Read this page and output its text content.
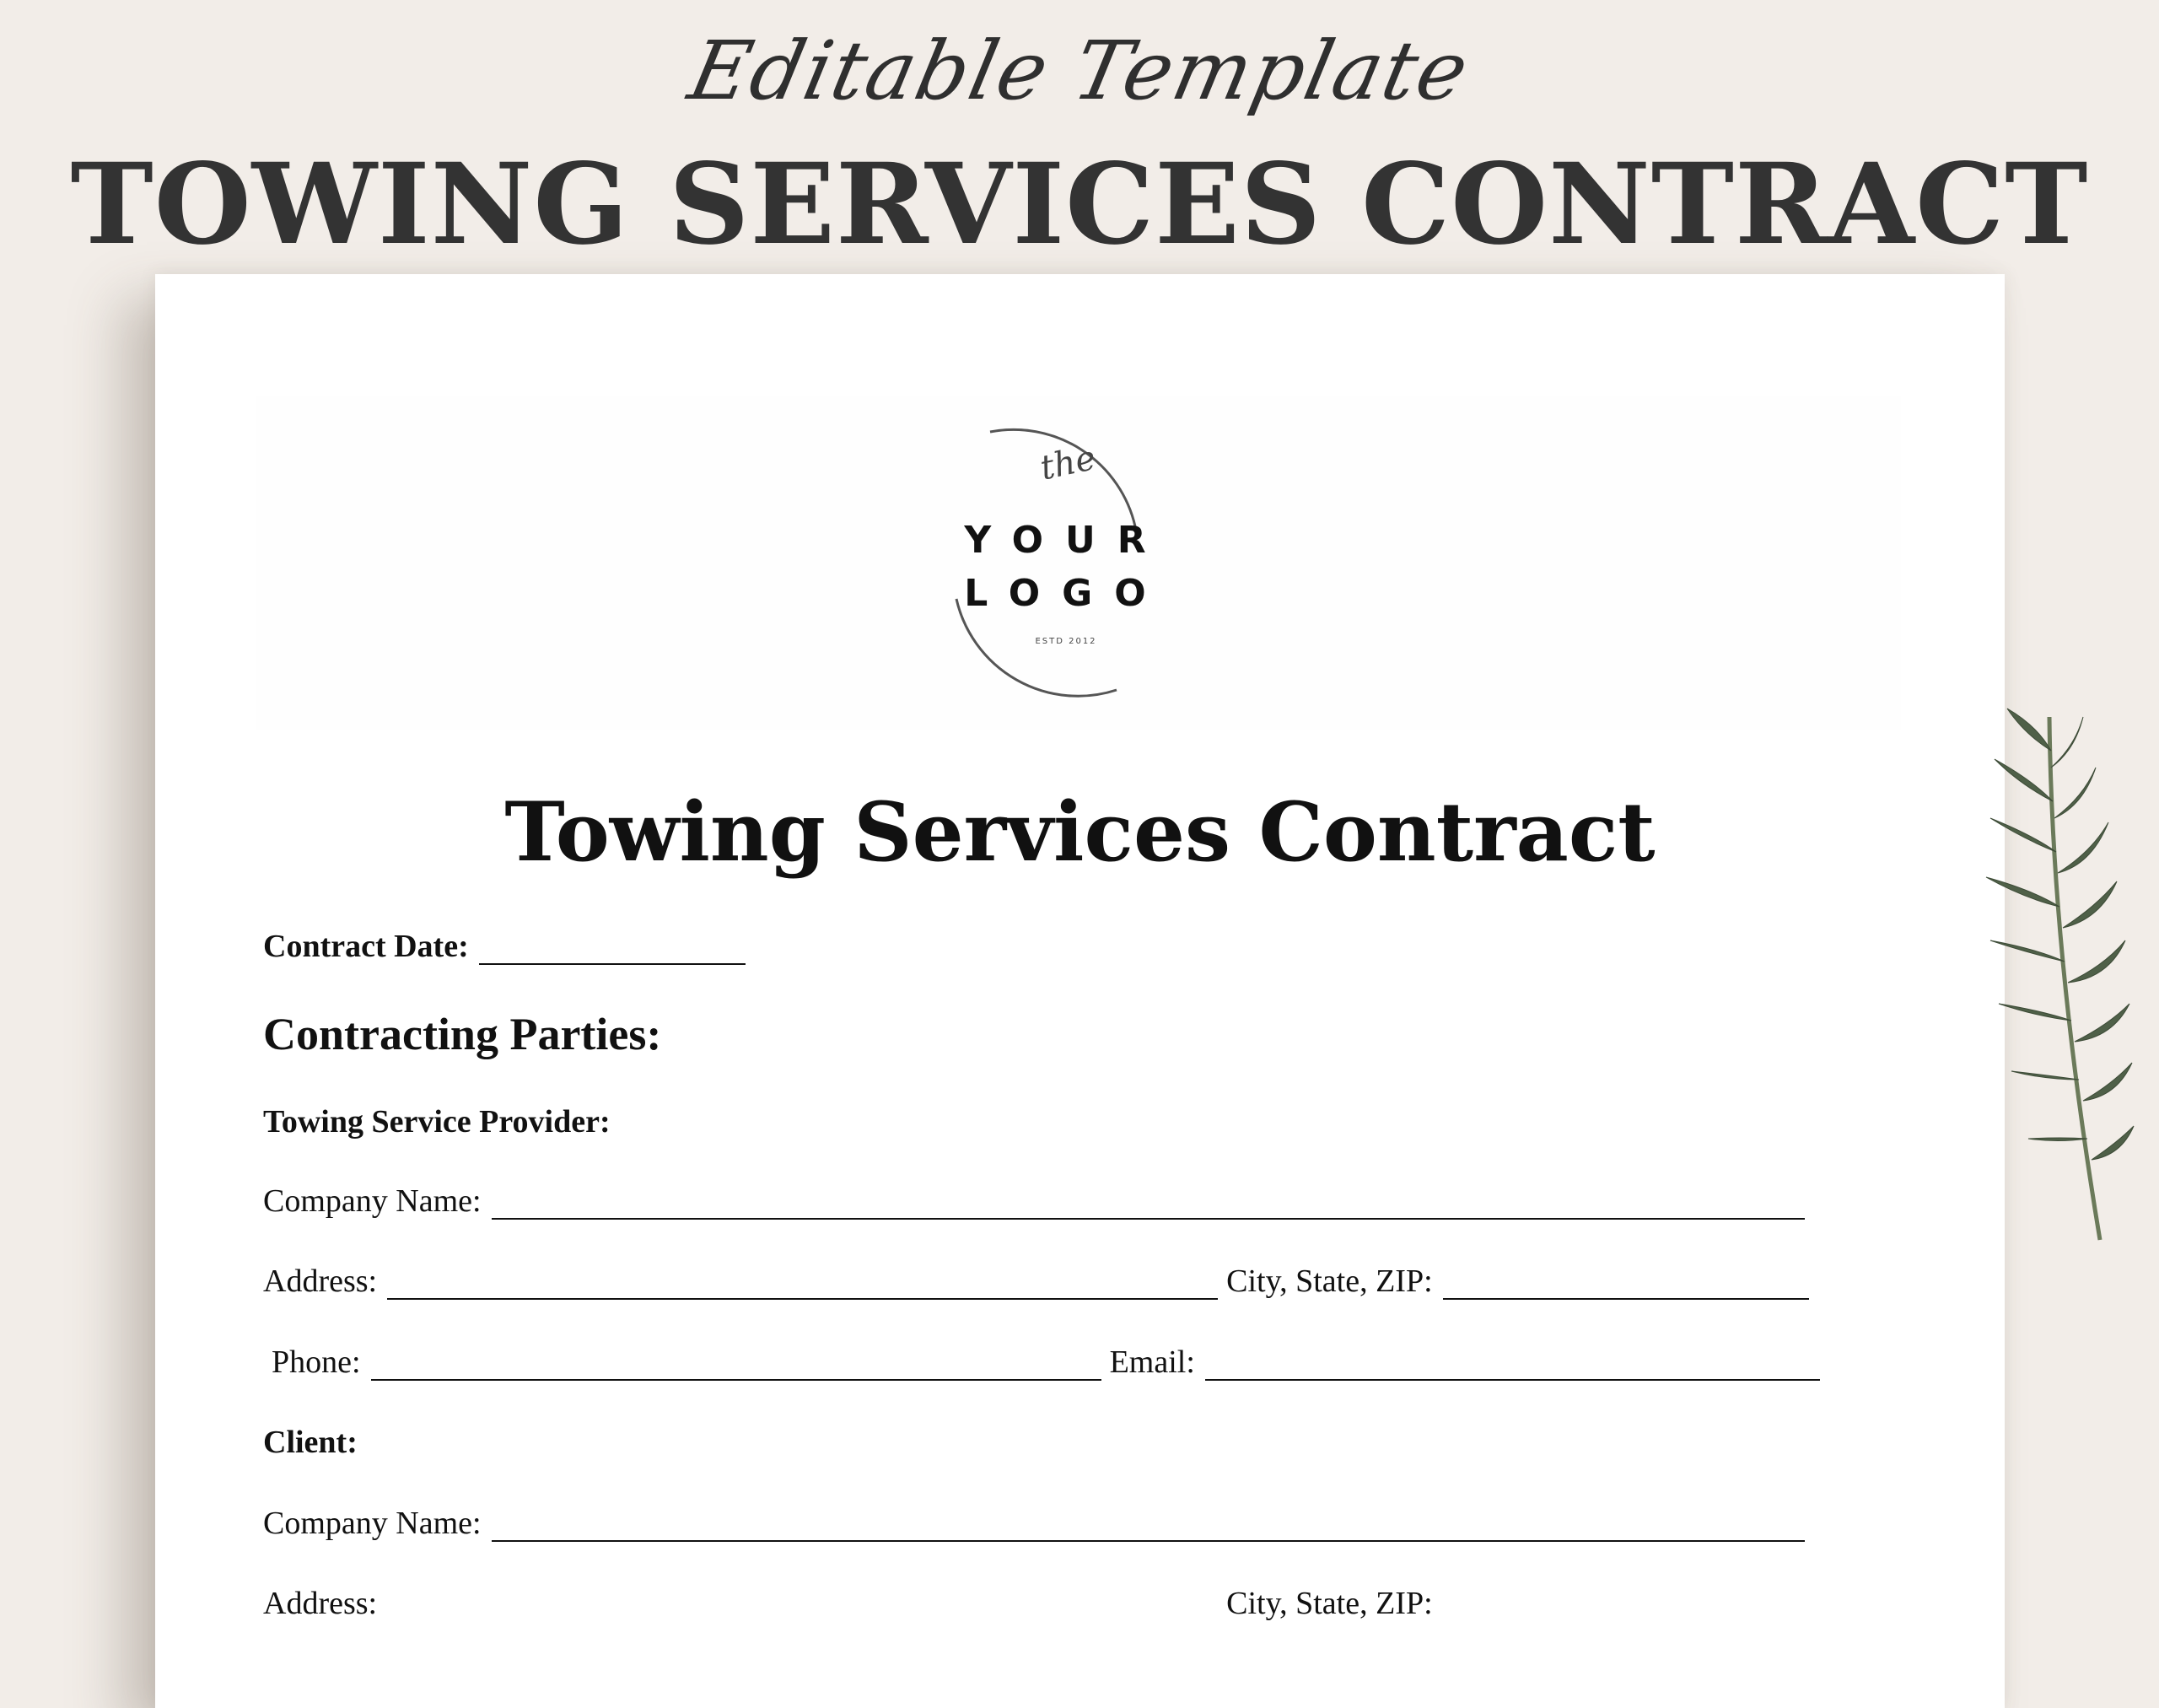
Editable Template
TOWING SERVICES CONTRACT
the
YOUR
LOGO
ESTD 2012
Towing Services Contract
Contract Date:
Contracting Parties:
Towing Service Provider:
Company Name:
Address:	City, State, ZIP:
Phone:	Email:
Client:
Company Name:
Address:	City, State, ZIP:
